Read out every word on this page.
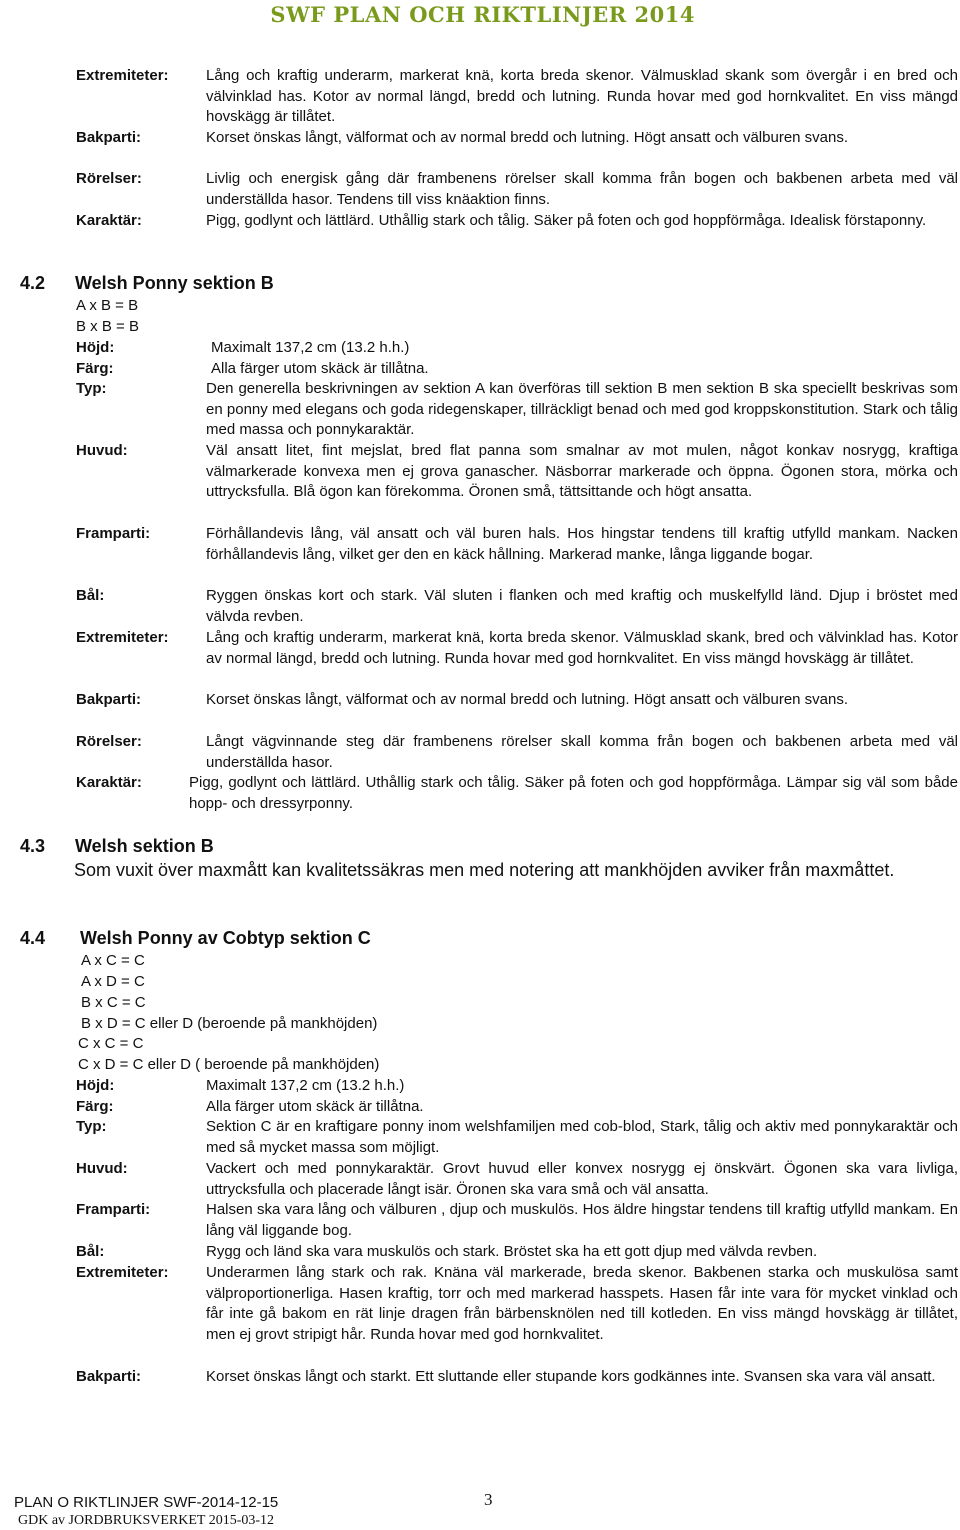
SWF PLAN OCH RIKTLINJER 2014
Extremiteter: Lång och kraftig underarm, markerat knä, korta breda skenor. Välmusklad skank som övergår i en bred och välvinklad has. Kotor av normal längd, bredd och lutning. Runda hovar med god hornkvalitet. En viss mängd hovskägg är tillåtet.
Bakparti:	Korset önskas långt, välformat och av normal bredd och lutning. Högt ansatt och välburen svans.
Rörelser:	Livlig och energisk gång där frambenens rörelser skall komma från bogen och bakbenen arbeta med väl underställda hasor. Tendens till viss knäaktion finns.
Karaktär:	Pigg, godlynt och lättlärd. Uthållig stark och tålig. Säker på foten och god hoppförmåga. Idealisk förstaponny.
4.2 Welsh Ponny sektion B
A x B = B
B x B = B
Höjd:	Maximalt 137,2 cm (13.2 h.h.)
Färg:	Alla färger utom skäck är tillåtna.
Typ:	Den generella beskrivningen av sektion A kan överföras till sektion B men sektion B ska speciellt beskrivas som en ponny med elegans och goda ridegenskaper, tillräckligt benad och med god kroppskonstitution. Stark och tålig med massa och ponnykaraktär.
Huvud:	Väl ansatt litet, fint mejslat, bred flat panna som smalnar av mot mulen, något konkav nosrygg, kraftiga välmarkerade konvexa men ej grova ganascher. Näsborrar markerade och öppna. Ögonen stora, mörka och uttrycksfulla. Blå ögon kan förekomma. Öronen små, tättsittande och högt ansatta.
Framparti:	Förhållandevis lång, väl ansatt och väl buren hals. Hos hingstar tendens till kraftig utfylld mankam. Nacken förhållandevis lång, vilket ger den en käck hållning. Markerad manke, långa liggande bogar.
Bål:	Ryggen önskas kort och stark. Väl sluten i flanken och med kraftig och muskelfylld länd. Djup i bröstet med välvda revben.
Extremiteter: Lång och kraftig underarm, markerat knä, korta breda skenor. Välmusklad skank, bred och välvinklad has. Kotor av normal längd, bredd och lutning. Runda hovar med god hornkvalitet. En viss mängd hovskägg är tillåtet.
Bakparti:	Korset önskas långt, välformat och av normal bredd och lutning. Högt ansatt och välburen svans.
Rörelser:	Långt vägvinnande steg där frambenens rörelser skall komma från bogen och bakbenen arbeta med väl underställda hasor.
Karaktär:	Pigg, godlynt och lättlärd. Uthållig stark och tålig. Säker på foten och god hoppförmåga. Lämpar sig väl som både hopp- och dressyrponny.
4.3 Welsh sektion B
Som vuxit över maxmått kan kvalitetssäkras men med notering att mankhöjden avviker från maxmåttet.
4.4 Welsh Ponny av Cobtyp sektion C
A x C = C
A x D = C
B x C = C
B x D = C eller D (beroende på mankhöjden)
C x C = C
C x D = C eller D ( beroende på mankhöjden)
Höjd:	Maximalt 137,2 cm (13.2 h.h.)
Färg:	Alla färger utom skäck är tillåtna.
Typ:	Sektion C är en kraftigare ponny inom welshfamiljen med cob-blod, Stark, tålig och aktiv med ponnykaraktär och med så mycket massa som möjligt.
Huvud:	Vackert och med ponnykaraktär. Grovt huvud eller konvex nosrygg ej önskvärt. Ögonen ska vara livliga, uttrycksfulla och placerade långt isär. Öronen ska vara små och väl ansatta.
Framparti:	Halsen ska vara lång och välburen , djup och muskulös. Hos äldre hingstar tendens till kraftig utfylld mankam. En lång väl liggande bog.
Bål:	Rygg och länd ska vara muskulös och stark. Bröstet ska ha ett gott djup med välvda revben.
Extremiteter: Underarmen lång stark och rak. Knäna väl markerade, breda skenor. Bakbenen starka och muskulösa samt välproportionerliga. Hasen kraftig, torr och med markerad hasspets. Hasen får inte vara för mycket vinklad och får inte gå bakom en rät linje dragen från bärbensknölen ned till kotleden. En viss mängd hovskägg är tillåtet, men ej grovt stripigt hår. Runda hovar med god hornkvalitet.
Bakparti:	Korset önskas långt och starkt. Ett sluttande eller stupande kors godkännes inte. Svansen ska vara väl ansatt.
PLAN O RIKTLINJER SWF-2014-12-15
GDK av JORDBRUKSVERKET 2015-03-12
3
